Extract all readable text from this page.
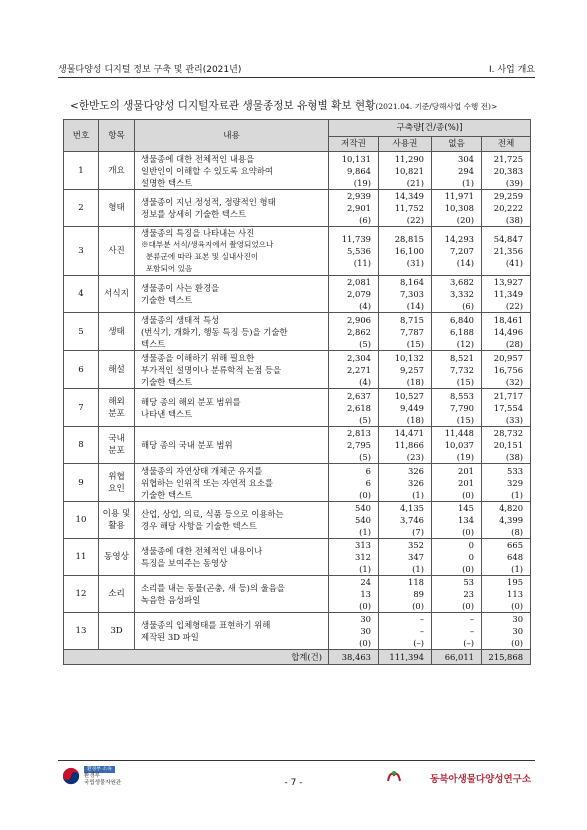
생물다양성 디지털 정보 구축 및 관리(2021년)	Ⅰ. 사업 개요
<한반도의 생물다양성 디지털자료관 생물종정보 유형별 확보 현황(2021.04. 기준/당해사업 수행 전)>
번호	항목	내용	구축량[건/종(%)]			
			저작권	사용권	없음	전체
1	개요	생물종에 대한 전체적인 내용을
일반인이 이해할 수 있도록 요약하여
설명한 텍스트	10,131
9,864
(19)	11,290
10,821
(21)	304
294
(1)	21,725
20,383
(39)

2	형태	생물종이 지닌 정성적, 정량적인 형태
정보를 상세히 기술한 텍스트	2,939
2,901
(6)	14,349
11,752
(22)	11,971
10,308
(20)	29,259
20,222
(38)

3	사진	생물종의 특징을 나타내는 사진
※대부분 서식/생육지에서 촬영되었으나
분류군에 따라 표본 및 실내사진이
포함되어 있음	11,739
5,536
(11)	28,815
16,100
(31)	14,293
7,207
(14)	54,847
21,356
(41)

4	서식지	생물종이 사는 환경을
기술한 텍스트	2,081
2,079
(4)	8,164
7,303
(14)	3,682
3,332
(6)	13,927
11,349
(22)

5	생태	생물종의 생태적 특성
(번식기, 개화기, 행동 특징 등)을 기술한
텍스트	2,906
2,862
(5)	8,715
7,787
(15)	6,840
6,188
(12)	18,461
14,496
(28)

6	해설	생물종을 이해하기 위해 필요한
부가적인 설명이나 분류학적 논점 등을
기술한 텍스트	2,304
2,271
(4)	10,132
9,257
(18)	8,521
7,732
(15)	20,957
16,756
(32)

7	해외
분포	해당 종의 해외 분포 범위를
나타낸 텍스트	2,637
2,618
(5)	10,527
9,449
(18)	8,553
7,790
(15)	21,717
17,554
(33)

8	국내
분포	해당 종의 국내 분포 범위	2,813
2,795
(5)	14,471
11,866
(23)	11,448
10,037
(19)	28,732
20,151
(38)

9	위협
요인	생물종의 자연상태 개체군 유지를
위협하는 인위적 또는 자연적 요소를
기술한 텍스트	6
6
(0)	326
326
(1)	201
201
(0)	533
329
(1)

10	이용 및
활용	산업, 상업, 의료, 식품 등으로 이용하는
경우 해당 사항을 기술한 텍스트	540
540
(1)	4,135
3,746
(7)	145
134
(0)	4,820
4,399
(8)

11	동영상	생물종에 대한 전체적인 내용이나
특징을 보여주는 동영상	313
312
(1)	352
347
(1)	0
0
(0)	665
648
(1)

12	소리	소리를 내는 동물(곤충, 새 등)의 울음을
녹음한 음성파일	24
13
(0)	118
89
(0)	53
23
(0)	195
113
(0)

13	3D	생물종의 입체형태를 표현하기 위해
제작된 3D 파일	30
30
(0)	–
–
(–)	–
–
(–)	30
30
(0)

합계(건)			38,463	111,394	66,011	215,868
환경부 소속
환경부
국립생물자원관	- 7 -	동북아생물다양성연구소
